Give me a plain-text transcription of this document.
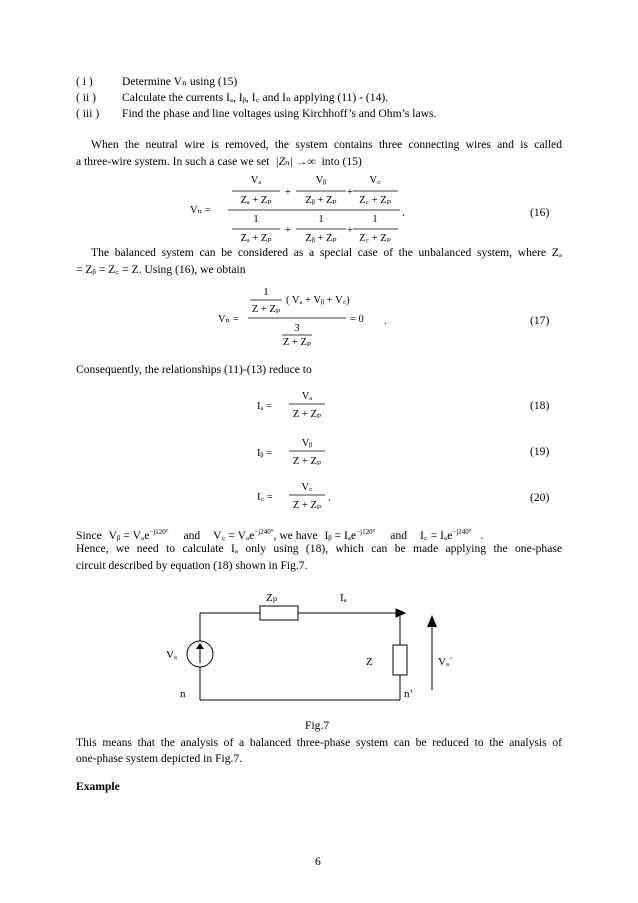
( i )	Determine Vₙ using (15)
( ii ) Calculate the currents Iₐ, Iᵦ, I꜀ and Iₙ applying (11) - (14).
( iii ) Find the phase and line voltages using Kirchhoff’s and Ohm’s laws.
When the neutral wire is removed, the system contains three connecting wires and is called
a three-wire system. In such a case we set |Zₙ| →∞ into (15)
Vₙ =
Vₐ
Zₐ + Zₚ
+
Vᵦ
Zᵦ + Zₚ
+
V꜀
Z꜀ + Zₚ
1
Zₐ + Zₚ
+
1
Zᵦ + Zₚ
+
1
Z꜀ + Zₚ
.	(16)
The balanced system can be considered as a special case of the unbalanced system, where Zₐ
= Zᵦ = Z꜀ = Z. Using (16), we obtain
Vₙ =
1
Z + Zₚ
( Vₐ + Vᵦ + V꜀)
3
Z + Zₚ
= 0 .	(17)
Consequently, the relationships (11)-(13) reduce to
Iₐ =
Vₐ
Z + Zₚ
(18)
Iᵦ =
Vᵦ
Z + Zₚ
(19)
I꜀ =
V꜀
Z + Zₚ
.	(20)
Since Vᵦ = Vₐe$^{-j120^\circ}$ and V꜀ = Vₐe$^{-j240^\circ}$, we have Iᵦ = Iₐe$^{-j120^\circ}$ and I꜀ = Iₐe$^{-j240^\circ}$ .
Hence, we need to calculate Iₐ only using (18), which can be made applying the one-phase
circuit described by equation (18) shown in Fig.7.
Zₚ	Iₐ
Vₐ
Z	Vₐ´
n	n’
Fig.7
This means that the analysis of a balanced three-phase system can be reduced to the analysis of
one-phase system depicted in Fig.7.
Example
6
